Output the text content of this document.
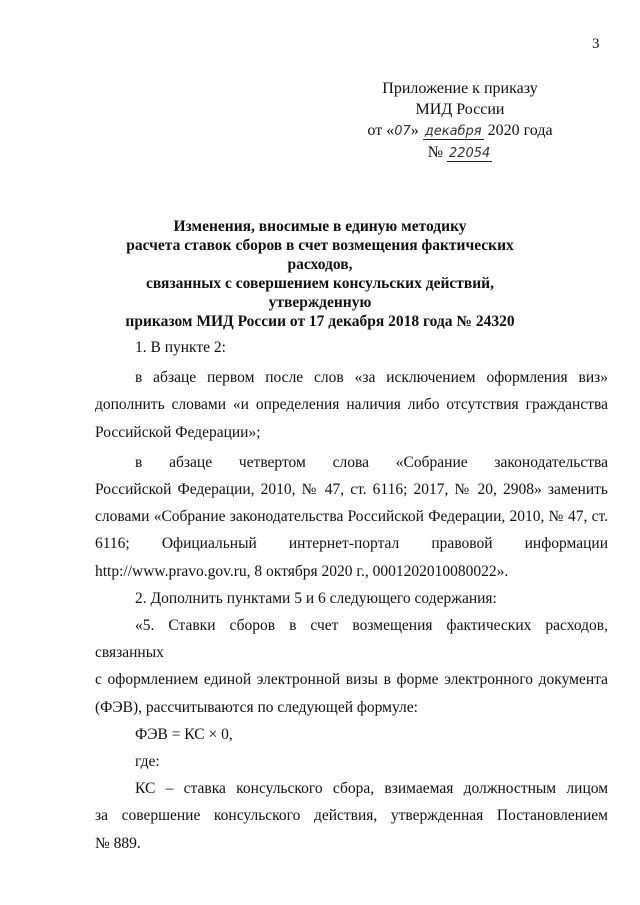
3
Приложение к приказу
МИД России
от «07» декабря 2020 года
№ 22054
Изменения, вносимые в единую методику
расчета ставок сборов в счет возмещения фактических расходов,
связанных с совершением консульских действий, утвержденную
приказом МИД России от 17 декабря 2018 года № 24320

1. В пункте 2:

в абзаце первом после слов «за исключением оформления виз»
дополнить словами «и определения наличия либо отсутствия гражданства
Российской Федерации»;

в абзаце четвертом слова «Собрание законодательства
Российской Федерации, 2010, № 47, ст. 6116; 2017, № 20, 2908» заменить
словами «Собрание законодательства Российской Федерации, 2010, № 47, ст.
6116; Официальный интернет-портал правовой информации
http://www.pravo.gov.ru, 8 октября 2020 г., 0001202010080022».

2. Дополнить пунктами 5 и 6 следующего содержания:

«5. Ставки сборов в счет возмещения фактических расходов, связанных
с оформлением единой электронной визы в форме электронного документа
(ФЭВ), рассчитываются по следующей формуле:

ФЭВ = КС × 0,

где:

КС – ставка консульского сбора, взимаемая должностным лицом
за совершение консульского действия, утвержденная Постановлением
№ 889.
